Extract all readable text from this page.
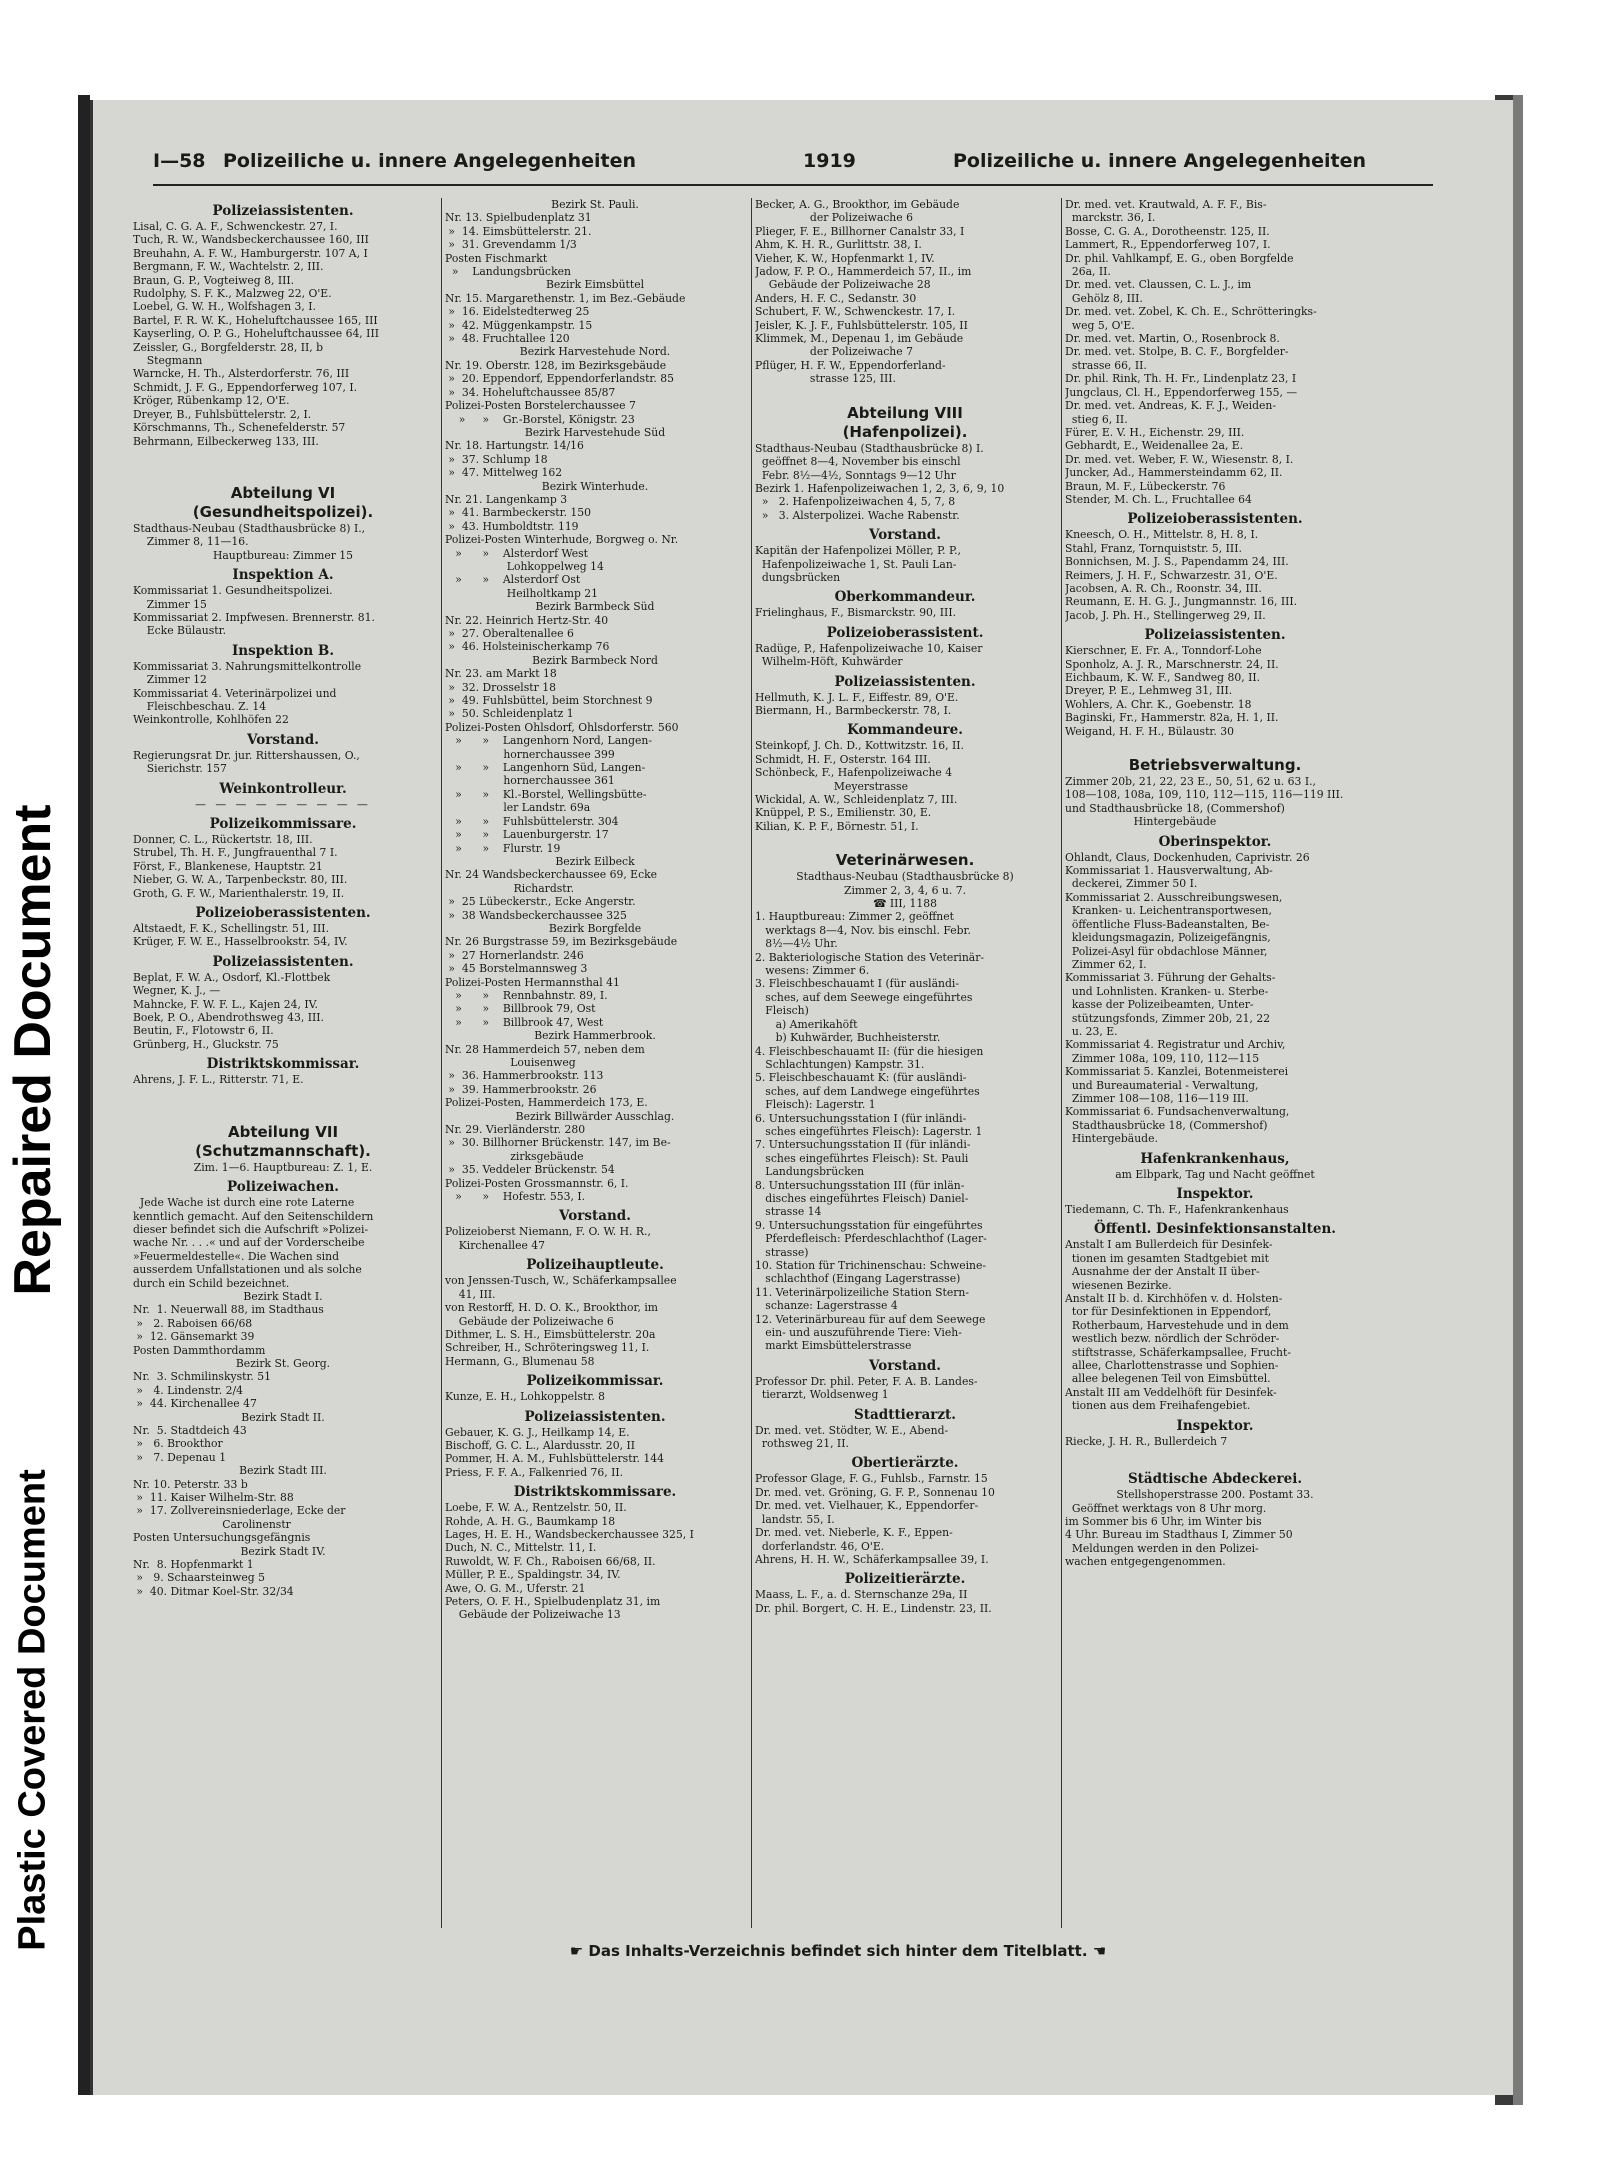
Repaired Document
Plastic Covered Document
I—58 Polizeiliche u. innere Angelegenheiten	1919	Polizeiliche u. innere Angelegenheiten
Polizeiassistenten.
Lisal, C. G. A. F., Schwenckestr. 27, I.
Tuch, R. W., Wandsbeckerchaussee 160, III
Breuhahn, A. F. W., Hamburgerstr. 107 A, I
Bergmann, F. W., Wachtelstr. 2, III.
Braun, G. P., Vogteiweg 8, III.
Rudolphy, S. F. K., Malzweg 22, O'E.
Loebel, G. W. H., Wolfshagen 3, I.
Bartel, F. R. W. K., Hoheluftchaussee 165, III
Kayserling, O. P. G., Hoheluftchaussee 64, III
Zeissler, G., Borgfelderstr. 28, II, b
Stegmann
Warncke, H. Th., Alsterdorferstr. 76, III
Schmidt, J. F. G., Eppendorferweg 107, I.
Kröger, Rübenkamp 12, O'E.
Dreyer, B., Fuhlsbüttelerstr. 2, I.
Körschmanns, Th., Schenefelderstr. 57
Behrmann, Eilbeckerweg 133, III.
Abteilung VI
(Gesundheitspolizei).
Stadthaus-Neubau (Stadthausbrücke 8) I.,
Zimmer 8, 11—16.
Hauptbureau: Zimmer 15
Inspektion A.
Kommissariat 1. Gesundheitspolizei.
Zimmer 15
Kommissariat 2. Impfwesen. Brennerstr. 81.
Ecke Bülaustr.
Inspektion B.
Kommissariat 3. Nahrungsmittelkontrolle
Zimmer 12
Kommissariat 4. Veterinärpolizei und
Fleischbeschau. Z. 14
Weinkontrolle, Kohlhöfen 22
Vorstand.
Regierungsrat Dr. jur. Rittershaussen, O.,
Sierichstr. 157
Weinkontrolleur.
— — — — — — — — —
Polizeikommissare.
Donner, C. L., Rückertstr. 18, III.
Strubel, Th. H. F., Jungfrauenthal 7 I.
Först, F., Blankenese, Hauptstr. 21
Nieber, G. W. A., Tarpenbeckstr. 80, III.
Groth, G. F. W., Marienthalerstr. 19, II.
Polizeioberassistenten.
Altstaedt, F. K., Schellingstr. 51, III.
Krüger, F. W. E., Hasselbrookstr. 54, IV.
Polizeiassistenten.
Beplat, F. W. A., Osdorf, Kl.-Flottbek
Wegner, K. J., —
Mahncke, F. W. F. L., Kajen 24, IV.
Boek, P. O., Abendrothsweg 43, III.
Beutin, F., Flotowstr 6, II.
Grünberg, H., Gluckstr. 75
Distriktskommissar.
Ahrens, J. F. L., Ritterstr. 71, E.
Abteilung VII
(Schutzmannschaft).
Zim. 1—6. Hauptbureau: Z. 1, E.
Polizeiwachen.
Jede Wache ist durch eine rote Laterne
kenntlich gemacht. Auf den Seitenschildern
dieser befindet sich die Aufschrift »Polizei-
wache Nr. . . .« und auf der Vorderscheibe
»Feuermeldestelle«. Die Wachen sind
ausserdem Unfallstationen und als solche
durch ein Schild bezeichnet.
Bezirk Stadt I.
Nr.  1. Neuerwall 88, im Stadthaus
»   2. Raboisen 66/68
»  12. Gänsemarkt 39
Posten Dammthordamm
Bezirk St. Georg.
Nr.  3. Schmilinskystr. 51
»   4. Lindenstr. 2/4
»  44. Kirchenallee 47
Bezirk Stadt II.
Nr.  5. Stadtdeich 43
»   6. Brookthor
»   7. Depenau 1
Bezirk Stadt III.
Nr. 10. Peterstr. 33 b
»  11. Kaiser Wilhelm-Str. 88
»  17. Zollvereinsniederlage, Ecke der
Carolinenstr
Posten Untersuchungsgefängnis
Bezirk Stadt IV.
Nr.  8. Hopfenmarkt 1
»   9. Schaarsteinweg 5
»  40. Ditmar Koel-Str. 32/34
Bezirk St. Pauli.
Nr. 13. Spielbudenplatz 31
»  14. Eimsbüttelerstr. 21.
»  31. Grevendamm 1/3
Posten Fischmarkt
»    Landungsbrücken
Bezirk Eimsbüttel
Nr. 15. Margarethenstr. 1, im Bez.-Gebäude
»  16. Eidelstedterweg 25
»  42. Müggenkampstr. 15
»  48. Fruchtallee 120
Bezirk Harvestehude Nord.
Nr. 19. Oberstr. 128, im Bezirksgebäude
»  20. Eppendorf, Eppendorferlandstr. 85
»  34. Hoheluftchaussee 85/87
Polizei-Posten Borstelerchaussee 7
»     »    Gr.-Borstel, Königstr. 23
Bezirk Harvestehude Süd
Nr. 18. Hartungstr. 14/16
»  37. Schlump 18
»  47. Mittelweg 162
Bezirk Winterhude.
Nr. 21. Langenkamp 3
»  41. Barmbeckerstr. 150
»  43. Humboldtstr. 119
Polizei-Posten Winterhude, Borgweg o. Nr.
»      »    Alsterdorf West
Lohkoppelweg 14
»      »    Alsterdorf Ost
Heilholtkamp 21
Bezirk Barmbeck Süd
Nr. 22. Heinrich Hertz-Str. 40
»  27. Oberaltenallee 6
»  46. Holsteinischerkamp 76
Bezirk Barmbeck Nord
Nr. 23. am Markt 18
»  32. Drosselstr 18
»  49. Fuhlsbüttel, beim Storchnest 9
»  50. Schleidenplatz 1
Polizei-Posten Ohlsdorf, Ohlsdorferstr. 560
»      »    Langenhorn Nord, Langen-
hornerchaussee 399
»      »    Langenhorn Süd, Langen-
hornerchaussee 361
»      »    Kl.-Borstel, Wellingsbütte-
ler Landstr. 69a
»      »    Fuhlsbüttelerstr. 304
»      »    Lauenburgerstr. 17
»      »    Flurstr. 19
Bezirk Eilbeck
Nr. 24 Wandsbeckerchaussee 69, Ecke
Richardstr.
»  25 Lübeckerstr., Ecke Angerstr.
»  38 Wandsbeckerchaussee 325
Bezirk Borgfelde
Nr. 26 Burgstrasse 59, im Bezirksgebäude
»  27 Hornerlandstr. 246
»  45 Borstelmannsweg 3
Polizei-Posten Hermannsthal 41
»      »    Rennbahnstr. 89, I.
»      »    Billbrook 79, Ost
»      »    Billbrook 47, West
Bezirk Hammerbrook.
Nr. 28 Hammerdeich 57, neben dem
Louisenweg
»  36. Hammerbrookstr. 113
»  39. Hammerbrookstr. 26
Polizei-Posten, Hammerdeich 173, E.
Bezirk Billwärder Ausschlag.
Nr. 29. Vierländerstr. 280
»  30. Billhorner Brückenstr. 147, im Be-
zirksgebäude
»  35. Veddeler Brückenstr. 54
Polizei-Posten Grossmannstr. 6, I.
»      »    Hofestr. 553, I.
Vorstand.
Polizeioberst Niemann, F. O. W. H. R.,
Kirchenallee 47
Polizeihauptleute.
von Jenssen-Tusch, W., Schäferkampsallee
41, III.
von Restorff, H. D. O. K., Brookthor, im
Gebäude der Polizeiwache 6
Dithmer, L. S. H., Eimsbüttelerstr. 20a
Schreiber, H., Schröteringsweg 11, I.
Hermann, G., Blumenau 58
Polizeikommissar.
Kunze, E. H., Lohkoppelstr. 8
Polizeiassistenten.
Gebauer, K. G. J., Heilkamp 14, E.
Bischoff, G. C. L., Alardusstr. 20, II
Pommer, H. A. M., Fuhlsbüttelerstr. 144
Priess, F. F. A., Falkenried 76, II.
Distriktskommissare.
Loebe, F. W. A., Rentzelstr. 50, II.
Rohde, A. H. G., Baumkamp 18
Lages, H. E. H., Wandsbeckerchaussee 325, I
Duch, N. C., Mittelstr. 11, I.
Ruwoldt, W. F. Ch., Raboisen 66/68, II.
Müller, P. E., Spaldingstr. 34, IV.
Awe, O. G. M., Uferstr. 21
Peters, O. F. H., Spielbudenplatz 31, im
Gebäude der Polizeiwache 13
Becker, A. G., Brookthor, im Gebäude
der Polizeiwache 6
Plieger, F. E., Billhorner Canalstr 33, I
Ahm, K. H. R., Gurlittstr. 38, I.
Vieher, K. W., Hopfenmarkt 1, IV.
Jadow, F. P. O., Hammerdeich 57, II., im
Gebäude der Polizeiwache 28
Anders, H. F. C., Sedanstr. 30
Schubert, F. W., Schwenckestr. 17, I.
Jeisler, K. J. F., Fuhlsbüttelerstr. 105, II
Klimmek, M., Depenau 1, im Gebäude
der Polizeiwache 7
Pflüger, H. F. W., Eppendorferland-
strasse 125, III.
Abteilung VIII
(Hafenpolizei).
Stadthaus-Neubau (Stadthausbrücke 8) I.
geöffnet 8—4, November bis einschl
Febr. 8½—4½, Sonntags 9—12 Uhr
Bezirk 1. Hafenpolizeiwachen 1, 2, 3, 6, 9, 10
»   2. Hafenpolizeiwachen 4, 5, 7, 8
»   3. Alsterpolizei. Wache Rabenstr.
Vorstand.
Kapitän der Hafenpolizei Möller, P. P.,
Hafenpolizeiwache 1, St. Pauli Lan-
dungsbrücken
Oberkommandeur.
Frielinghaus, F., Bismarckstr. 90, III.
Polizeioberassistent.
Radüge, P., Hafenpolizeiwache 10, Kaiser
Wilhelm-Höft, Kuhwärder
Polizeiassistenten.
Hellmuth, K. J. L. F., Eiffestr. 89, O'E.
Biermann, H., Barmbeckerstr. 78, I.
Kommandeure.
Steinkopf, J. Ch. D., Kottwitzstr. 16, II.
Schmidt, H. F., Osterstr. 164 III.
Schönbeck, F., Hafenpolizeiwache 4
Meyerstrasse
Wickidal, A. W., Schleidenplatz 7, III.
Knüppel, P. S., Emilienstr. 30, E.
Kilian, K. P. F., Börnestr. 51, I.
Veterinärwesen.
Stadthaus-Neubau (Stadthausbrücke 8)
Zimmer 2, 3, 4, 6 u. 7.
☎ III, 1188
1. Hauptbureau: Zimmer 2, geöffnet
werktags 8—4, Nov. bis einschl. Febr.
8½—4½ Uhr.
2. Bakteriologische Station des Veterinär-
wesens: Zimmer 6.
3. Fleischbeschauamt I (für ausländi-
sches, auf dem Seewege eingeführtes
Fleisch)
a) Amerikahöft
b) Kuhwärder, Buchheisterstr.
4. Fleischbeschauamt II: (für die hiesigen
Schlachtungen) Kampstr. 31.
5. Fleischbeschauamt K: (für ausländi-
sches, auf dem Landwege eingeführtes
Fleisch): Lagerstr. 1
6. Untersuchungsstation I (für inländi-
sches eingeführtes Fleisch): Lagerstr. 1
7. Untersuchungsstation II (für inländi-
sches eingeführtes Fleisch): St. Pauli
Landungsbrücken
8. Untersuchungsstation III (für inlän-
disches eingeführtes Fleisch) Daniel-
strasse 14
9. Untersuchungsstation für eingeführtes
Pferdefleisch: Pferdeschlachthof (Lager-
strasse)
10. Station für Trichinenschau: Schweine-
schlachthof (Eingang Lagerstrasse)
11. Veterinärpolizeiliche Station Stern-
schanze: Lagerstrasse 4
12. Veterinärbureau für auf dem Seewege
ein- und auszuführende Tiere: Vieh-
markt Eimsbüttelerstrasse
Vorstand.
Professor Dr. phil. Peter, F. A. B. Landes-
tierarzt, Woldsenweg 1
Stadttierarzt.
Dr. med. vet. Stödter, W. E., Abend-
rothsweg 21, II.
Obertierärzte.
Professor Glage, F. G., Fuhlsb., Farnstr. 15
Dr. med. vet. Gröning, G. F. P., Sonnenau 10
Dr. med. vet. Vielhauer, K., Eppendorfer-
landstr. 55, I.
Dr. med. vet. Nieberle, K. F., Eppen-
dorferlandstr. 46, O'E.
Ahrens, H. H. W., Schäferkampsallee 39, I.
Polizeitierärzte.
Maass, L. F., a. d. Sternschanze 29a, II
Dr. phil. Borgert, C. H. E., Lindenstr. 23, II.
Dr. med. vet. Krautwald, A. F. F., Bis-
marckstr. 36, I.
Bosse, C. G. A., Dorotheenstr. 125, II.
Lammert, R., Eppendorferweg 107, I.
Dr. phil. Vahlkampf, E. G., oben Borgfelde
26a, II.
Dr. med. vet. Claussen, C. L. J., im
Gehölz 8, III.
Dr. med. vet. Zobel, K. Ch. E., Schrötteringks-
weg 5, O'E.
Dr. med. vet. Martin, O., Rosenbrock 8.
Dr. med. vet. Stolpe, B. C. F., Borgfelder-
strasse 66, II.
Dr. phil. Rink, Th. H. Fr., Lindenplatz 23, I
Jungclaus, Cl. H., Eppendorferweg 155, —
Dr. med. vet. Andreas, K. F. J., Weiden-
stieg 6, II.
Fürer, E. V. H., Eichenstr. 29, III.
Gebhardt, E., Weidenallee 2a, E.
Dr. med. vet. Weber, F. W., Wiesenstr. 8, I.
Juncker, Ad., Hammersteindamm 62, II.
Braun, M. F., Lübeckerstr. 76
Stender, M. Ch. L., Fruchtallee 64
Polizeioberassistenten.
Kneesch, O. H., Mittelstr. 8, H. 8, I.
Stahl, Franz, Tornquiststr. 5, III.
Bonnichsen, M. J. S., Papendamm 24, III.
Reimers, J. H. F., Schwarzestr. 31, O'E.
Jacobsen, A. R. Ch., Roonstr. 34, III.
Reumann, E. H. G. J., Jungmannstr. 16, III.
Jacob, J. Ph. H., Stellingerweg 29, II.
Polizeiassistenten.
Kierschner, E. Fr. A., Tonndorf-Lohe
Sponholz, A. J. R., Marschnerstr. 24, II.
Eichbaum, K. W. F., Sandweg 80, II.
Dreyer, P. E., Lehmweg 31, III.
Wohlers, A. Chr. K., Goebenstr. 18
Baginski, Fr., Hammerstr. 82a, H. 1, II.
Weigand, H. F. H., Bülaustr. 30
Betriebsverwaltung.
Zimmer 20b, 21, 22, 23 E., 50, 51, 62 u. 63 I.,
108—108, 108a, 109, 110, 112—115, 116—119 III.
und Stadthausbrücke 18, (Commershof)
Hintergebäude
Oberinspektor.
Ohlandt, Claus, Dockenhuden, Caprivistr. 26
Kommissariat 1. Hausverwaltung, Ab-
deckerei, Zimmer 50 I.
Kommissariat 2. Ausschreibungswesen,
Kranken- u. Leichentransportwesen,
öffentliche Fluss-Badeanstalten, Be-
kleidungsmagazin, Polizeigefängnis,
Polizei-Asyl für obdachlose Männer,
Zimmer 62, I.
Kommissariat 3. Führung der Gehalts-
und Lohnlisten. Kranken- u. Sterbe-
kasse der Polizeibeamten, Unter-
stützungsfonds, Zimmer 20b, 21, 22
u. 23, E.
Kommissariat 4. Registratur und Archiv,
Zimmer 108a, 109, 110, 112—115
Kommissariat 5. Kanzlei, Botenmeisterei
und Bureaumaterial - Verwaltung,
Zimmer 108—108, 116—119 III.
Kommissariat 6. Fundsachenverwaltung,
Stadthausbrücke 18, (Commershof)
Hintergebäude.
Hafenkrankenhaus,
am Elbpark, Tag und Nacht geöffnet
Inspektor.
Tiedemann, C. Th. F., Hafenkrankenhaus
Öffentl. Desinfektionsanstalten.
Anstalt I am Bullerdeich für Desinfek-
tionen im gesamten Stadtgebiet mit
Ausnahme der der Anstalt II über-
wiesenen Bezirke.
Anstalt II b. d. Kirchhöfen v. d. Holsten-
tor für Desinfektionen in Eppendorf,
Rotherbaum, Harvestehude und in dem
westlich bezw. nördlich der Schröder-
stiftstrasse, Schäferkampsallee, Frucht-
allee, Charlottenstrasse und Sophien-
allee belegenen Teil von Eimsbüttel.
Anstalt III am Veddelhöft für Desinfek-
tionen aus dem Freihafengebiet.
Inspektor.
Riecke, J. H. R., Bullerdeich 7
Städtische Abdeckerei.
Stellshoperstrasse 200. Postamt 33.
Geöffnet werktags von 8 Uhr morg.
im Sommer bis 6 Uhr, im Winter bis
4 Uhr. Bureau im Stadthaus I, Zimmer 50
Meldungen werden in den Polizei-
wachen entgegengenommen.
☛ Das Inhalts-Verzeichnis befindet sich hinter dem Titelblatt. ☚
